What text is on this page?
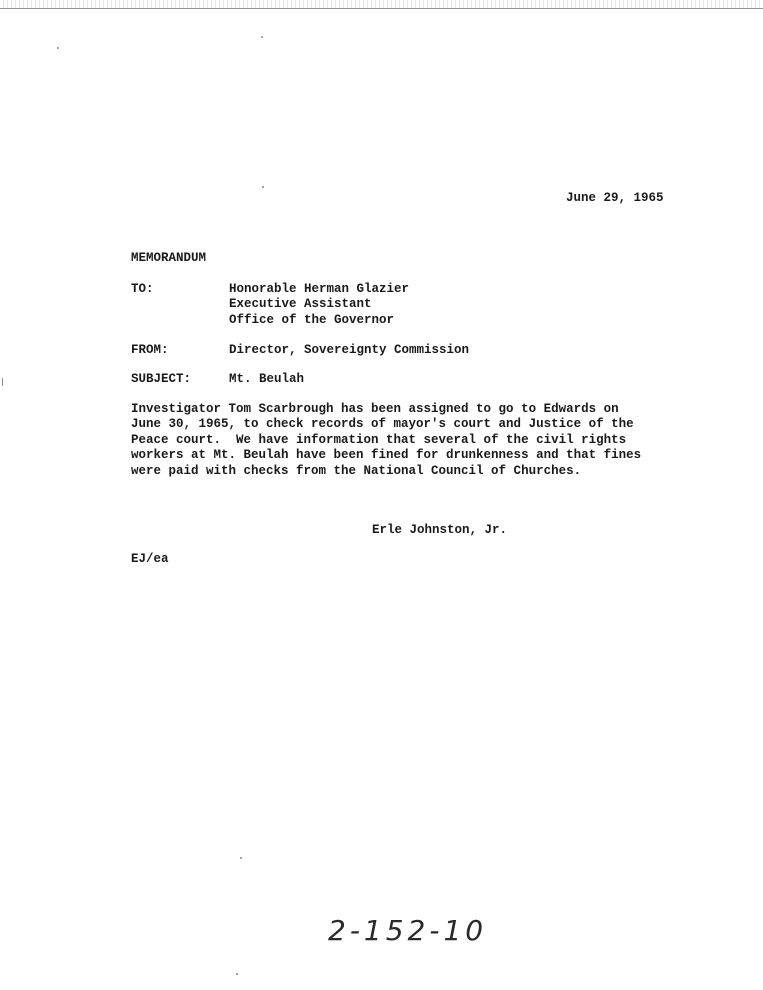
June 29, 1965
MEMORANDUM
TO:	Honorable Herman Glazier
Executive Assistant
Office of the Governor
FROM:	Director, Sovereignty Commission
SUBJECT:	Mt. Beulah
Investigator Tom Scarbrough has been assigned to go to Edwards on
June 30, 1965, to check records of mayor's court and Justice of the
Peace court.  We have information that several of the civil rights
workers at Mt. Beulah have been fined for drunkenness and that fines
were paid with checks from the National Council of Churches.
Erle Johnston, Jr.
EJ/ea
2-152-10
